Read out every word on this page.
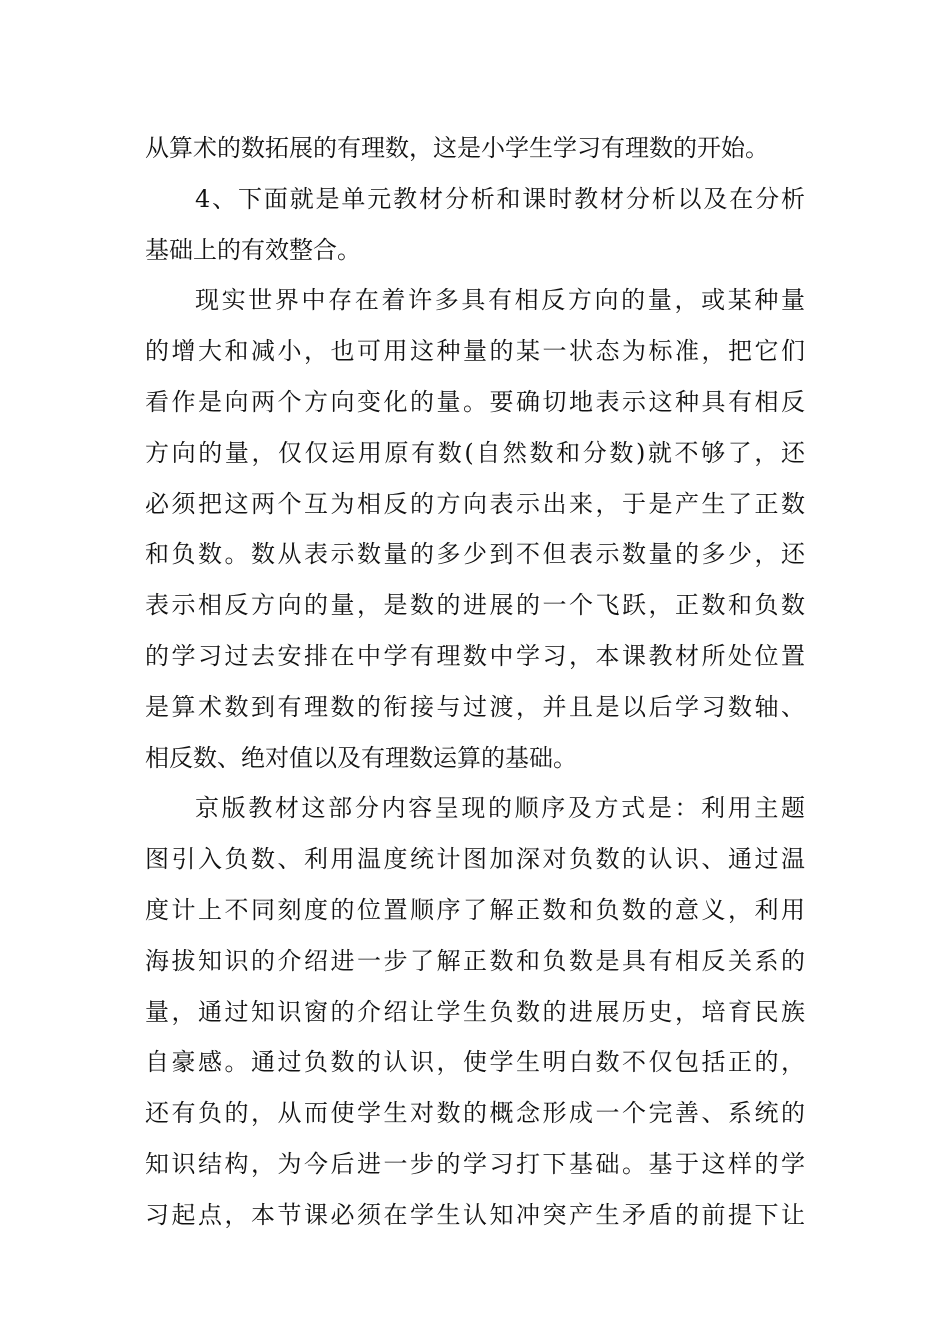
从算术的数拓展的有理数，这是小学生学习有理数的开始。
4、下面就是单元教材分析和课时教材分析以及在分析
基础上的有效整合。
现实世界中存在着许多具有相反方向的量，或某种量
的增大和减小，也可用这种量的某一状态为标准，把它们
看作是向两个方向变化的量。要确切地表示这种具有相反
方向的量，仅仅运用原有数(自然数和分数)就不够了，还
必须把这两个互为相反的方向表示出来，于是产生了正数
和负数。数从表示数量的多少到不但表示数量的多少，还
表示相反方向的量，是数的进展的一个飞跃，正数和负数
的学习过去安排在中学有理数中学习，本课教材所处位置
是算术数到有理数的衔接与过渡，并且是以后学习数轴、
相反数、绝对值以及有理数运算的基础。
京版教材这部分内容呈现的顺序及方式是：利用主题
图引入负数、利用温度统计图加深对负数的认识、通过温
度计上不同刻度的位置顺序了解正数和负数的意义，利用
海拔知识的介绍进一步了解正数和负数是具有相反关系的
量，通过知识窗的介绍让学生负数的进展历史，培育民族
自豪感。通过负数的认识，使学生明白数不仅包括正的，
还有负的，从而使学生对数的概念形成一个完善、系统的
知识结构，为今后进一步的学习打下基础。基于这样的学
习起点，本节课必须在学生认知冲突产生矛盾的前提下让
